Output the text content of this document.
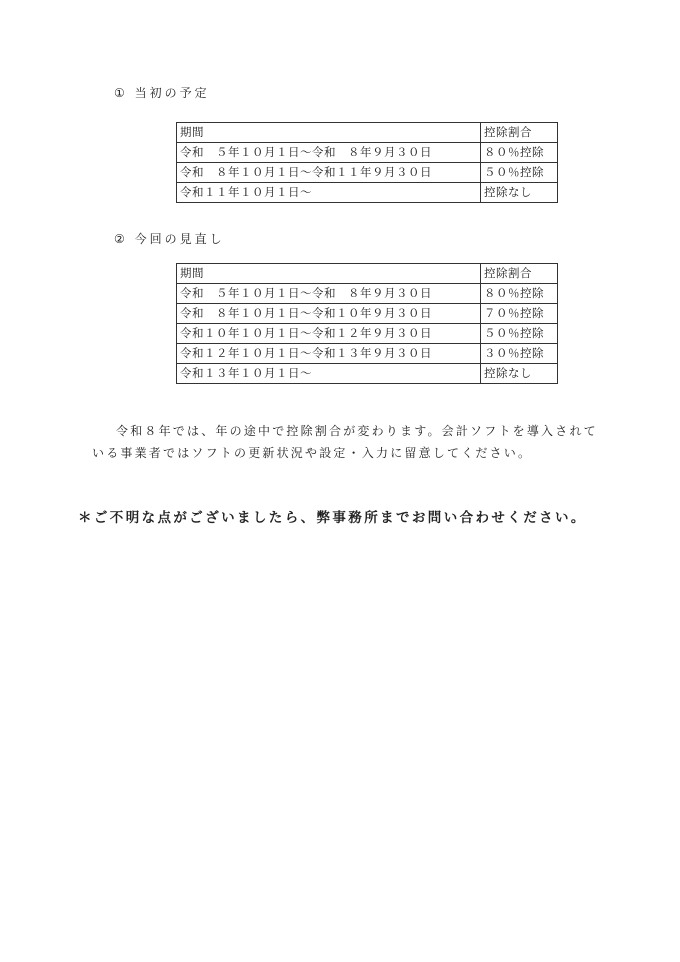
① 当初の予定
期間	控除割合
令和　５年１０月１日～令和　８年９月３０日	８０％控除
令和　８年１０月１日～令和１１年９月３０日	５０％控除
令和１１年１０月１日～	控除なし
② 今回の見直し
期間	控除割合
令和　５年１０月１日～令和　８年９月３０日	８０％控除
令和　８年１０月１日～令和１０年９月３０日	７０％控除
令和１０年１０月１日～令和１２年９月３０日	５０％控除
令和１２年１０月１日～令和１３年９月３０日	３０％控除
令和１３年１０月１日～	控除なし

令和８年では、年の途中で控除割合が変わります。会計ソフトを導入されている事業者ではソフトの更新状況や設定・入力に留意してください。

＊ご不明な点がございましたら、弊事務所までお問い合わせください。
